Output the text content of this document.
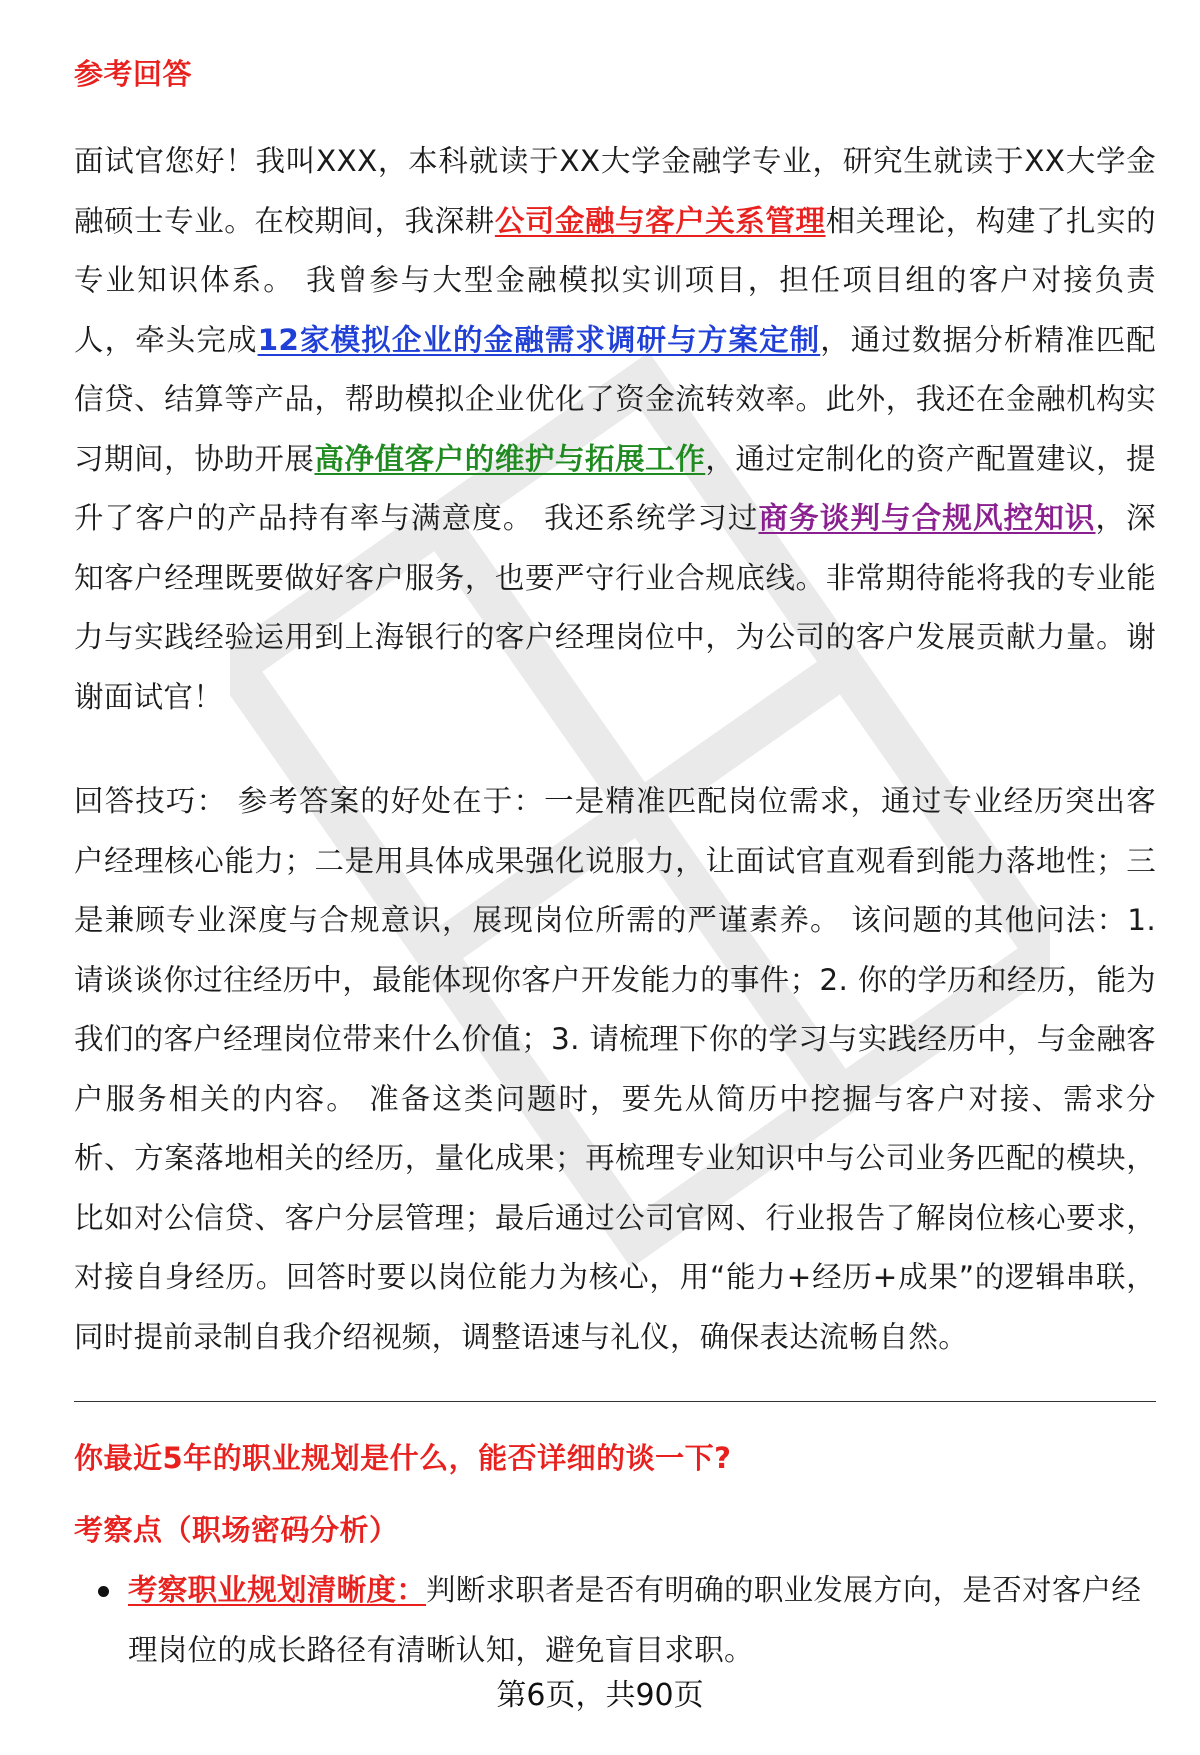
参考回答

面试官您好！我叫XXX，本科就读于XX大学金融学专业，研究生就读于XX大学金融硕士专业。在校期间，我深耕公司金融与客户关系管理相关理论，构建了扎实的专业知识体系。 我曾参与大型金融模拟实训项目，担任项目组的客户对接负责人，牵头完成12家模拟企业的金融需求调研与方案定制，通过数据分析精准匹配信贷、结算等产品，帮助模拟企业优化了资金流转效率。此外，我还在金融机构实习期间，协助开展高净值客户的维护与拓展工作，通过定制化的资产配置建议，提升了客户的产品持有率与满意度。 我还系统学习过商务谈判与合规风控知识，深知客户经理既要做好客户服务，也要严守行业合规底线。非常期待能将我的专业能力与实践经验运用到上海银行的客户经理岗位中，为公司的客户发展贡献力量。谢谢面试官！

回答技巧： 参考答案的好处在于：一是精准匹配岗位需求，通过专业经历突出客户经理核心能力；二是用具体成果强化说服力，让面试官直观看到能力落地性；三是兼顾专业深度与合规意识，展现岗位所需的严谨素养。 该问题的其他问法：1. 请谈谈你过往经历中，最能体现你客户开发能力的事件；2. 你的学历和经历，能为我们的客户经理岗位带来什么价值；3. 请梳理下你的学习与实践经历中，与金融客户服务相关的内容。 准备这类问题时，要先从简历中挖掘与客户对接、需求分析、方案落地相关的经历，量化成果；再梳理专业知识中与公司业务匹配的模块，比如对公信贷、客户分层管理；最后通过公司官网、行业报告了解岗位核心要求，对接自身经历。回答时要以岗位能力为核心，用“能力+经历+成果”的逻辑串联，同时提前录制自我介绍视频，调整语速与礼仪，确保表达流畅自然。

你最近5年的职业规划是什么，能否详细的谈一下?
考察点（职场密码分析）

考察职业规划清晰度：判断求职者是否有明确的职业发展方向，是否对客户经理岗位的成长路径有清晰认知，避免盲目求职。

第6页，共90页
